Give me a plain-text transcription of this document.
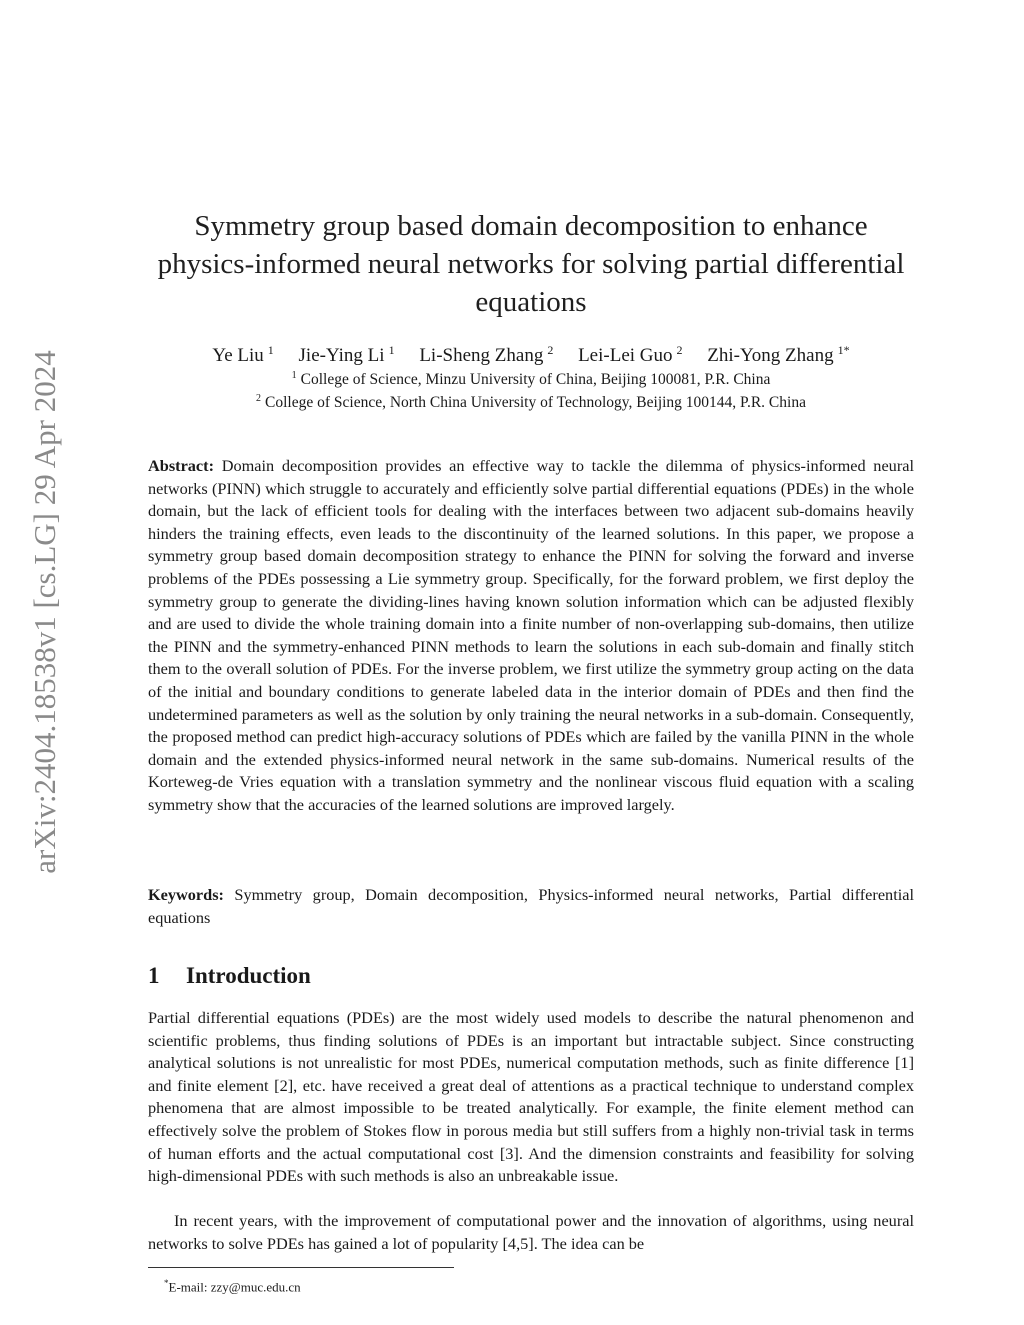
arXiv:2404.18538v1 [cs.LG] 29 Apr 2024
Symmetry group based domain decomposition to enhance physics-informed neural networks for solving partial differential equations
Ye Liu $^1$ Jie-Ying Li $^1$ Li-Sheng Zhang $^2$ Lei-Lei Guo $^2$ Zhi-Yong Zhang $^{1*}$
$^1$ College of Science, Minzu University of China, Beijing 100081, P.R. China
$^2$ College of Science, North China University of Technology, Beijing 100144, P.R. China

Abstract: Domain decomposition provides an effective way to tackle the dilemma of physics-informed neural networks (PINN) which struggle to accurately and efficiently solve partial differential equations (PDEs) in the whole domain, but the lack of efficient tools for dealing with the interfaces between two adjacent sub-domains heavily hinders the training effects, even leads to the discontinuity of the learned solutions. In this paper, we propose a symmetry group based domain decomposition strategy to enhance the PINN for solving the forward and inverse problems of the PDEs possessing a Lie symmetry group. Specifically, for the forward problem, we first deploy the symmetry group to generate the dividing-lines having known solution information which can be adjusted flexibly and are used to divide the whole training domain into a finite number of non-overlapping sub-domains, then utilize the PINN and the symmetry-enhanced PINN methods to learn the solutions in each sub-domain and finally stitch them to the overall solution of PDEs. For the inverse problem, we first utilize the symmetry group acting on the data of the initial and boundary conditions to generate labeled data in the interior domain of PDEs and then find the undetermined parameters as well as the solution by only training the neural networks in a sub-domain. Consequently, the proposed method can predict high-accuracy solutions of PDEs which are failed by the vanilla PINN in the whole domain and the extended physics-informed neural network in the same sub-domains. Numerical results of the Korteweg-de Vries equation with a translation symmetry and the nonlinear viscous fluid equation with a scaling symmetry show that the accuracies of the learned solutions are improved largely.

Keywords: Symmetry group, Domain decomposition, Physics-informed neural networks, Partial differential equations

1 Introduction

Partial differential equations (PDEs) are the most widely used models to describe the natural phenomenon and scientific problems, thus finding solutions of PDEs is an important but intractable subject. Since constructing analytical solutions is not unrealistic for most PDEs, numerical computation methods, such as finite difference [1] and finite element [2], etc. have received a great deal of attentions as a practical technique to understand complex phenomena that are almost impossible to be treated analytically. For example, the finite element method can effectively solve the problem of Stokes flow in porous media but still suffers from a highly non-trivial task in terms of human efforts and the actual computational cost [3]. And the dimension constraints and feasibility for solving high-dimensional PDEs with such methods is also an unbreakable issue.

In recent years, with the improvement of computational power and the innovation of algorithms, using neural networks to solve PDEs has gained a lot of popularity [4,5]. The idea can be

*E-mail: zzy@muc.edu.cn
